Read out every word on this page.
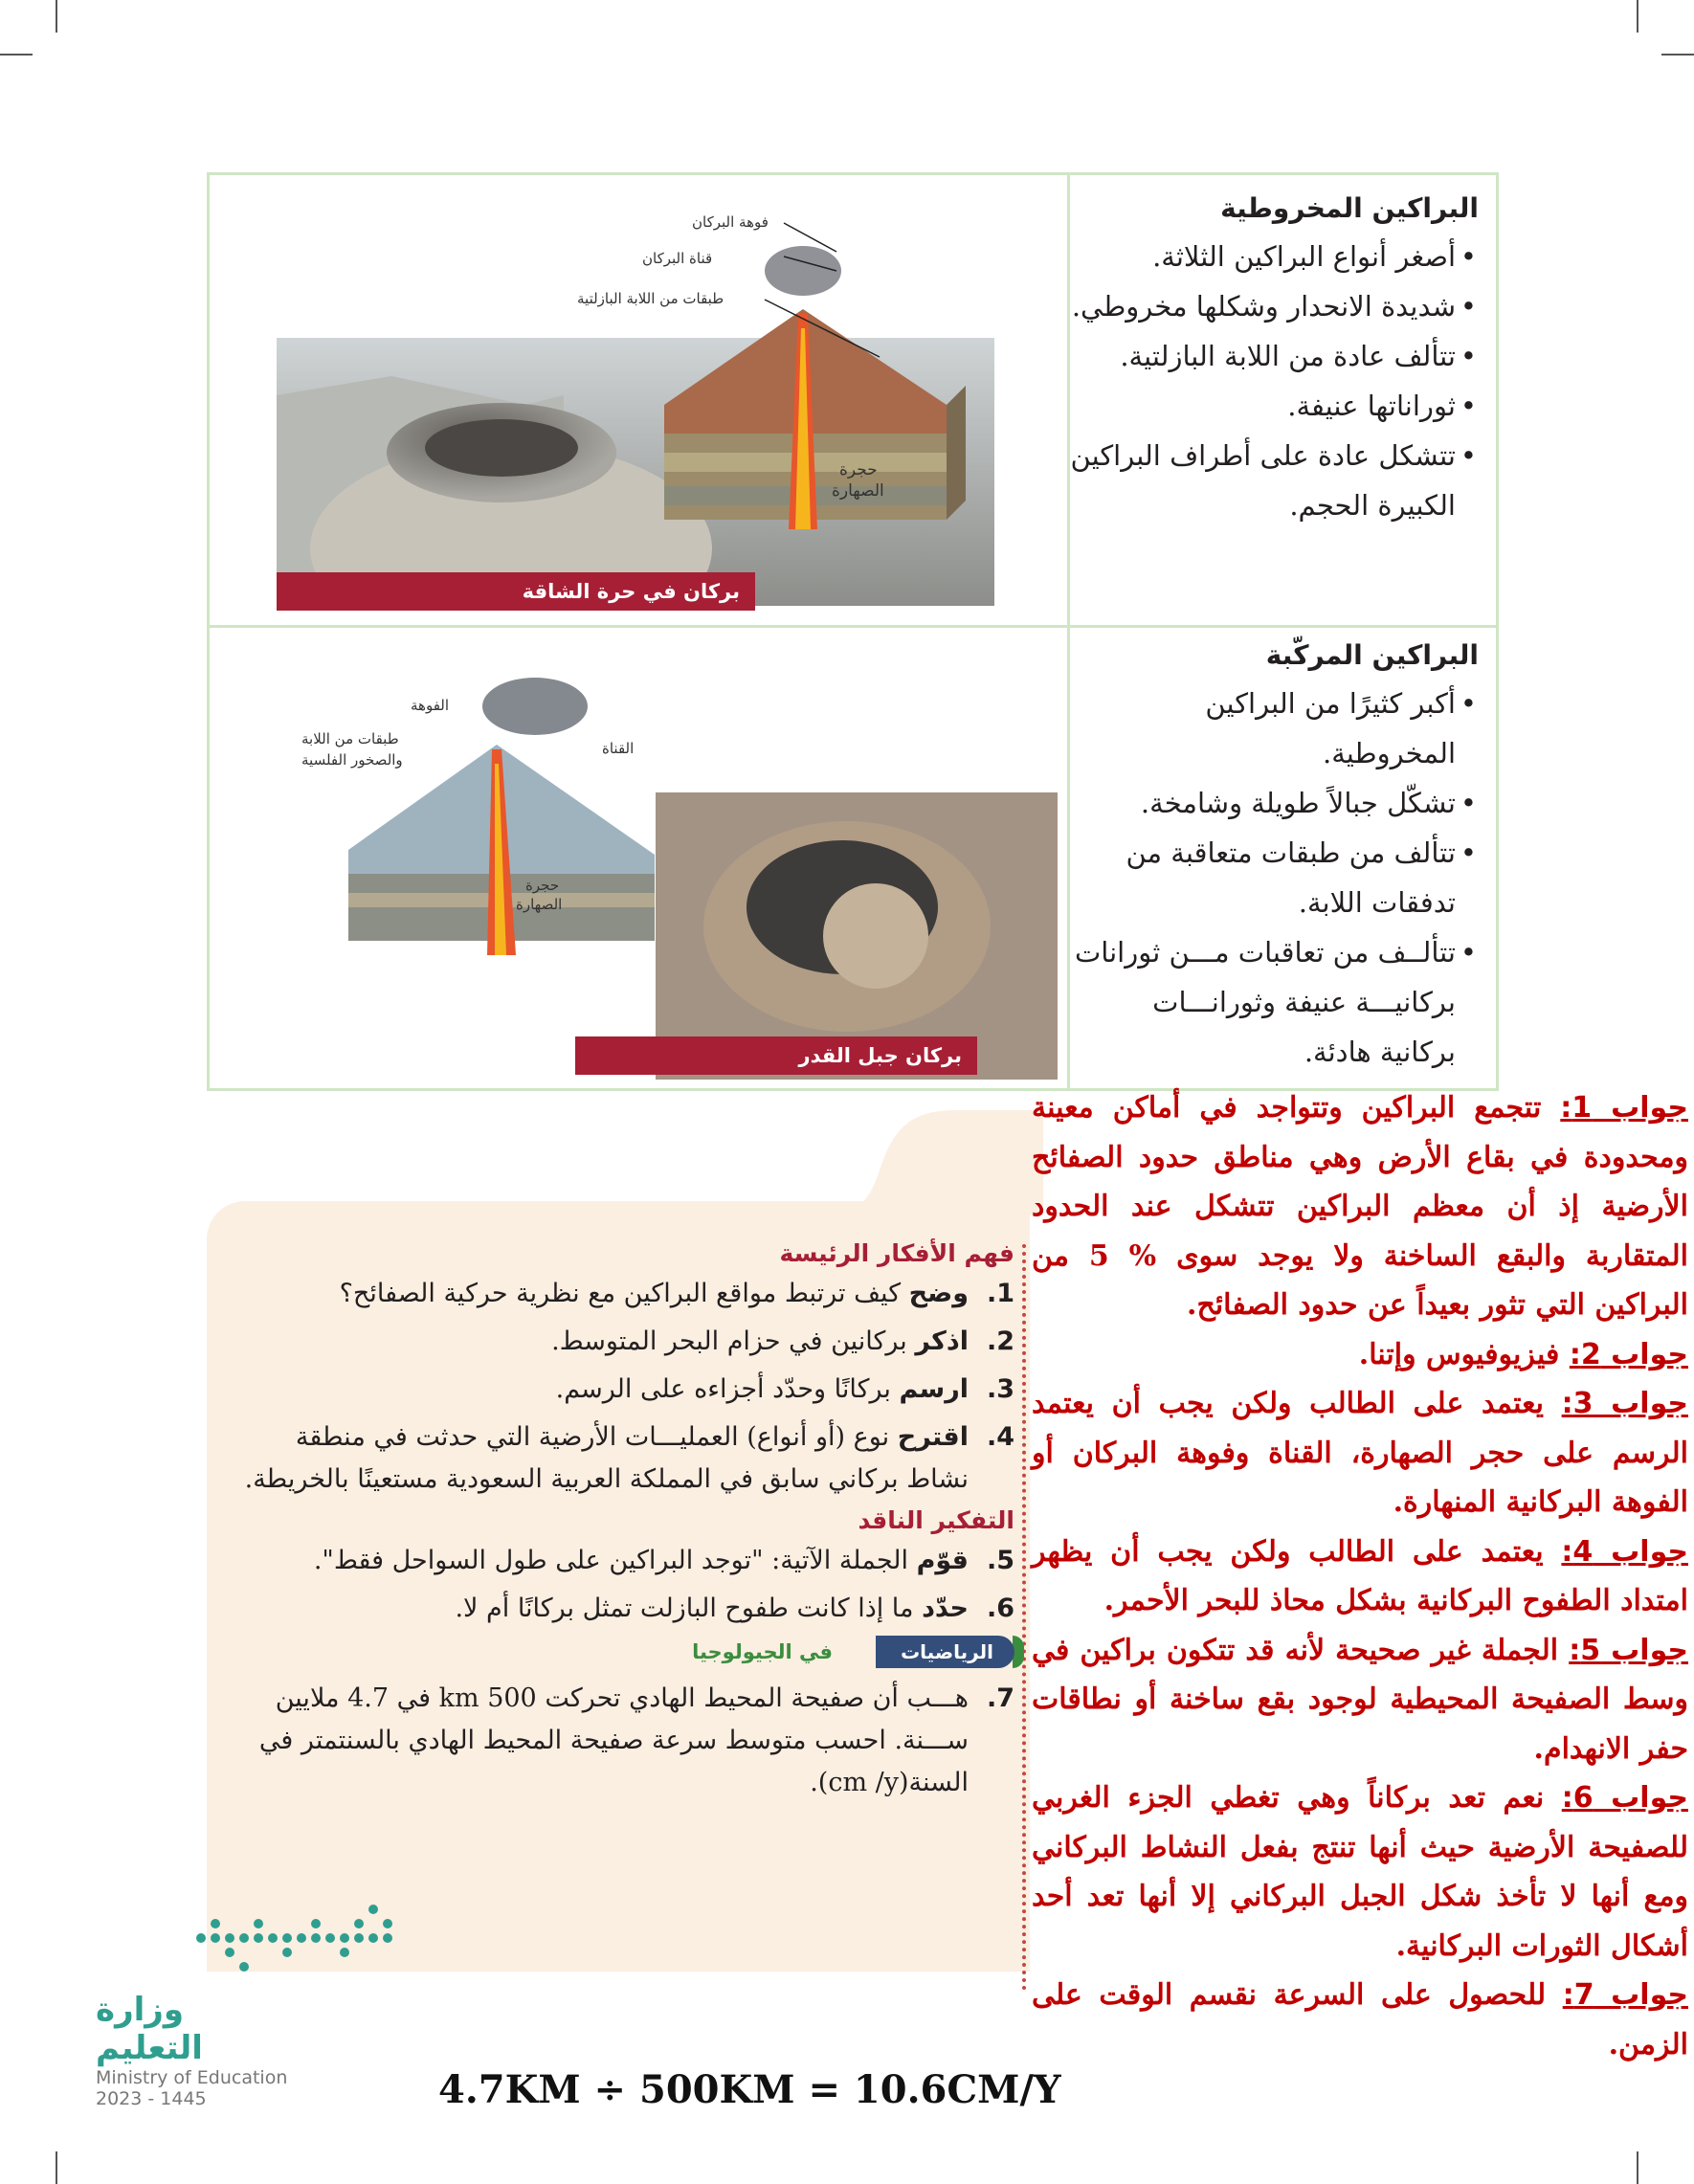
البراكين المخروطية
• أصغر أنواع البراكين الثلاثة.
• شديدة الانحدار وشكلها مخروطي.
• تتألف عادة من اللابة البازلتية.
• ثوراناتها عنيفة.
• تتشكل عادة على أطراف البراكين الكبيرة الحجم.
فوهة البركان
قناة البركان
طبقات من اللابة البازلتية
حجرة
الصهارة
بركان في حرة الشاقة
البراكين المركّبة
• أكبر كثيرًا من البراكين المخروطية.
• تشكّل جبالاً طويلة وشامخة.
• تتألف من طبقات متعاقبة من تدفقات اللابة.
• تتألــف من تعاقبات مـــن ثورانات بركانيـــة عنيفة وثورانـــات بركانية هادئة.
الفوهة
القناة
طبقات من اللابة
والصخور الفلسية
حجرة
الصهارة
بركان جبل القدر
فهم الأفكار الرئيسة
1.
وضح كيف ترتبط مواقع البراكين مع نظرية حركية الصفائح؟
2.
اذكر بركانين في حزام البحر المتوسط.
3.
ارسم بركانًا وحدّد أجزاءه على الرسم.
4.
اقترح نوع (أو أنواع) العمليـــات الأرضية التي حدثت في منطقة نشاط بركاني سابق في المملكة العربية السعودية مستعينًا بالخريطة.
التفكير الناقد
5.
قوّم الجملة الآتية: "توجد البراكين على طول السواحل فقط".
6.
حدّد ما إذا كانت طفوح البازلت تمثل بركانًا أم لا.
الرياضيات
في الجيولوجيا
7.
هـــب أن صفيحة المحيط الهادي تحركت 500 km في 4.7 ملايين ســـنة. احسب متوسط سرعة صفيحة المحيط الهادي بالسنتمتر في السنة(cm /y).

جواب 1: تتجمع البراكين وتتواجد في أماكن معينة ومحدودة في بقاع الأرض وهي مناطق حدود الصفائح الأرضية إذ أن معظم البراكين تتشكل عند الحدود المتقاربة والبقع الساخنة ولا يوجد سوى % 5 من البراكين التي تثور بعيداً عن حدود الصفائح.

جواب 2: فيزيوفيوس وإتنا.

جواب 3: يعتمد على الطالب ولكن يجب أن يعتمد الرسم على حجر الصهارة، القناة وفوهة البركان أو الفوهة البركانية المنهارة.

جواب 4: يعتمد على الطالب ولكن يجب أن يظهر امتداد الطفوح البركانية بشكل محاذ للبحر الأحمر.

جواب 5: الجملة غير صحيحة لأنه قد تتكون براكين في وسط الصفيحة المحيطية لوجود بقع ساخنة أو نطاقات حفر الانهدام.

جواب 6: نعم تعد بركاناً وهي تغطي الجزء الغربي للصفيحة الأرضية حيث أنها تنتج بفعل النشاط البركاني ومع أنها لا تأخذ شكل الجبل البركاني إلا أنها تعد أحد أشكال الثورات البركانية.

جواب 7: للحصول على السرعة نقسم الوقت على الزمن.

4.7KM ÷ 500KM = 10.6CM/Y
وزارة التعليم
Ministry of Education
2023 - 1445
